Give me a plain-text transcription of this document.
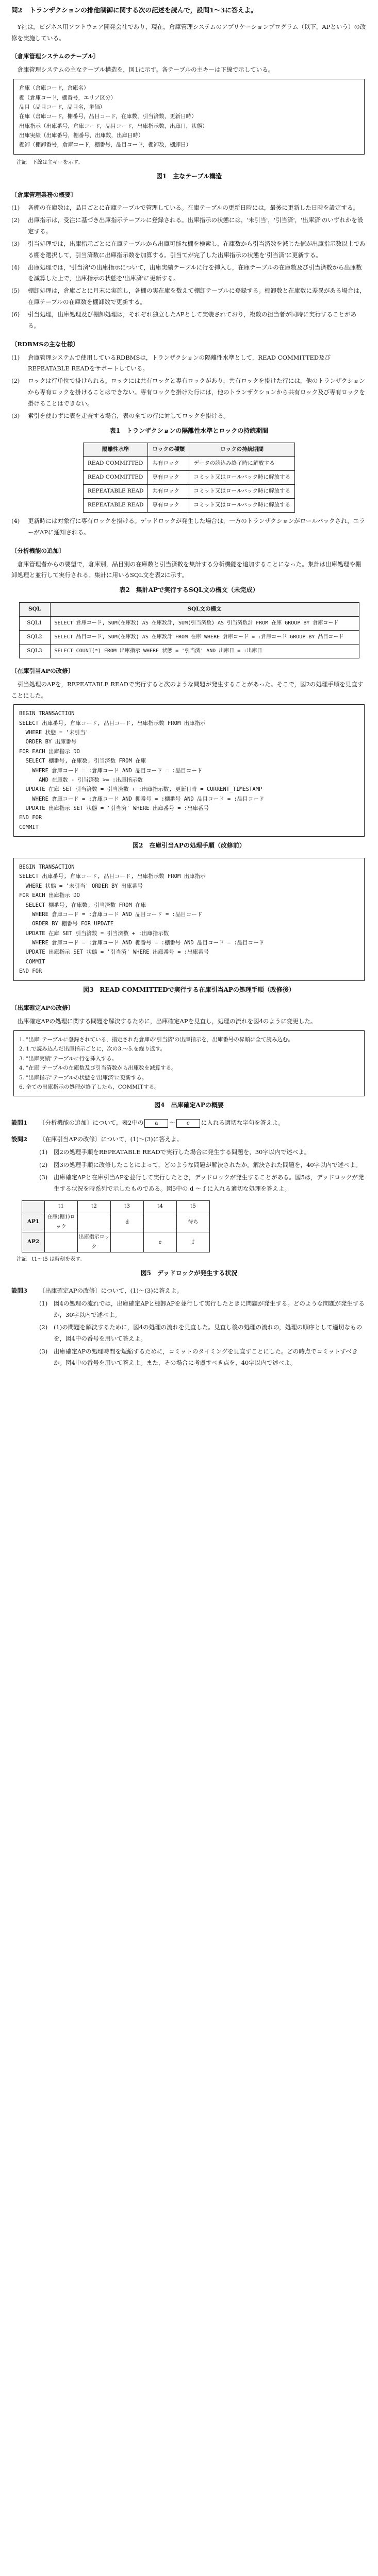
問2 トランザクションの排他制御に関する次の記述を読んで，設問1～3に答えよ。

Y社は，ビジネス用ソフトウェア開発会社であり，現在，倉庫管理システムのアプリケーションプログラム（以下，APという）の改修を実施している。

〔倉庫管理システムのテーブル〕

倉庫管理システムの主なテーブル構造を，図1に示す。各テーブルの主キーは下線で示している。

倉庫（倉庫コード，倉庫名）
棚（倉庫コード，棚番号，エリア区分）
品目（品目コード，品目名，単価）
在庫（倉庫コード，棚番号，品目コード，在庫数，引当済数，更新日時）
出庫指示（出庫番号，倉庫コード，品目コード，出庫指示数，出庫日，状態）
出庫実績（出庫番号，棚番号，出庫数，出庫日時）
棚卸（棚卸番号，倉庫コード，棚番号，品目コード，棚卸数，棚卸日）
注記　下線は主キーを示す。
図1　主なテーブル構造
〔倉庫管理業務の概要〕
(1)	各棚の在庫数は，品目ごとに在庫テーブルで管理している。在庫テーブルの更新日時には，最後に更新した日時を設定する。
(2)	出庫指示は，受注に基づき出庫指示テーブルに登録される。出庫指示の状態には，'未引当'，'引当済'，'出庫済'のいずれかを設定する。
(3)	引当処理では，出庫指示ごとに在庫テーブルから出庫可能な棚を検索し，在庫数から引当済数を減じた値が出庫指示数以上である棚を選択して，引当済数に出庫指示数を加算する。引当てが完了した出庫指示の状態を'引当済'に更新する。
(4)	出庫処理では，'引当済'の出庫指示について，出庫実績テーブルに行を挿入し，在庫テーブルの在庫数及び引当済数から出庫数を減算した上で，出庫指示の状態を'出庫済'に更新する。
(5)	棚卸処理は，倉庫ごとに月末に実施し，各棚の実在庫を数えて棚卸テーブルに登録する。棚卸数と在庫数に差異がある場合は，在庫テーブルの在庫数を棚卸数で更新する。
(6)	引当処理，出庫処理及び棚卸処理は，それぞれ独立したAPとして実装されており，複数の担当者が同時に実行することがある。
〔RDBMSの主な仕様〕
(1)	倉庫管理システムで使用しているRDBMSは，トランザクションの隔離性水準として，READ COMMITTED及びREPEATABLE READをサポートしている。
(2)	ロックは行単位で掛けられる。ロックには共有ロックと専有ロックがあり，共有ロックを掛けた行には，他のトランザクションから専有ロックを掛けることはできない。専有ロックを掛けた行には，他のトランザクションから共有ロック及び専有ロックを掛けることはできない。
(3)	索引を使わずに表を走査する場合，表の全ての行に対してロックを掛ける。
表1　トランザクションの隔離性水準とロックの持続期間
隔離性水準	ロックの種類	ロックの持続期間
READ COMMITTED	共有ロック	データの読込み終了時に解放する
READ COMMITTED	専有ロック	コミット又はロールバック時に解放する
REPEATABLE READ	共有ロック	コミット又はロールバック時に解放する
REPEATABLE READ	専有ロック	コミット又はロールバック時に解放する
(4)	更新時には対象行に専有ロックを掛ける。デッドロックが発生した場合は，一方のトランザクションがロールバックされ，エラーがAPに通知される。
〔分析機能の追加〕

倉庫管理者からの要望で，倉庫別，品目別の在庫数と引当済数を集計する分析機能を追加することになった。集計は出庫処理や棚卸処理と並行して実行される。集計に用いるSQL文を表2に示す。

表2　集計APで実行するSQL文の構文（未完成）
SQL	SQL文の構文
SQL1	SELECT 倉庫コード, SUM(在庫数) AS 在庫数計, SUM(引当済数) AS 引当済数計 FROM 在庫 GROUP BY 倉庫コード
SQL2	SELECT 品目コード, SUM(在庫数) AS 在庫数計 FROM 在庫 WHERE 倉庫コード = :倉庫コード GROUP BY 品目コード
SQL3	SELECT COUNT(*) FROM 出庫指示 WHERE 状態 = '引当済' AND 出庫日 = :出庫日
〔在庫引当APの改修〕

引当処理のAPを，REPEATABLE READで実行すると次のような問題が発生することがあった。そこで，図2の処理手順を見直すことにした。

BEGIN TRANSACTION
SELECT 出庫番号, 倉庫コード, 品目コード, 出庫指示数 FROM 出庫指示
WHERE 状態 = '未引当'
ORDER BY 出庫番号
FOR EACH 出庫指示 DO
SELECT 棚番号, 在庫数, 引当済数 FROM 在庫
WHERE 倉庫コード = :倉庫コード AND 品目コード = :品目コード
AND 在庫数 - 引当済数 >= :出庫指示数
UPDATE 在庫 SET 引当済数 = 引当済数 + :出庫指示数, 更新日時 = CURRENT_TIMESTAMP
WHERE 倉庫コード = :倉庫コード AND 棚番号 = :棚番号 AND 品目コード = :品目コード
UPDATE 出庫指示 SET 状態 = '引当済' WHERE 出庫番号 = :出庫番号
END FOR
COMMIT
図2　在庫引当APの処理手順（改修前）
BEGIN TRANSACTION
SELECT 出庫番号, 倉庫コード, 品目コード, 出庫指示数 FROM 出庫指示
WHERE 状態 = '未引当' ORDER BY 出庫番号
FOR EACH 出庫指示 DO
SELECT 棚番号, 在庫数, 引当済数 FROM 在庫
WHERE 倉庫コード = :倉庫コード AND 品目コード = :品目コード
ORDER BY 棚番号 FOR UPDATE
UPDATE 在庫 SET 引当済数 = 引当済数 + :出庫指示数
WHERE 倉庫コード = :倉庫コード AND 棚番号 = :棚番号 AND 品目コード = :品目コード
UPDATE 出庫指示 SET 状態 = '引当済' WHERE 出庫番号 = :出庫番号
COMMIT
END FOR
図3　READ COMMITTEDで実行する在庫引当APの処理手順（改修後）
〔出庫確定APの改修〕

出庫確定APの処理に関する問題を解決するために，出庫確定APを見直し，処理の流れを図4のように変更した。

1. "出庫"テーブルに登録されている，指定された倉庫の'引当済'の出庫指示を，出庫番号の昇順に全て読み込む。
2. 1.で読み込んだ出庫指示ごとに，次の3.～5.を繰り返す。
3. "出庫実績"テーブルに行を挿入する。
4. "在庫"テーブルの在庫数及び引当済数から出庫数を減算する。
5. "出庫指示"テーブルの状態を'出庫済'に更新する。
6. 全ての出庫指示の処理が終了したら，COMMITする。
図4　出庫確定APの概要
設問1	〔分析機能の追加〕について，表2中の a ～ c に入れる適切な字句を答えよ。
設問2	〔在庫引当APの改修〕について，(1)～(3)に答えよ。
(1)	図2の処理手順をREPEATABLE READで実行した場合に発生する問題を，30字以内で述べよ。
(2)	図3の処理手順に改修したことによって，どのような問題が解決されたか。解決された問題を，40字以内で述べよ。
(3)	出庫確定APと在庫引当APを並行して実行したとき，デッドロックが発生することがある。図5は，デッドロックが発生する状況を時系列で示したものである。図5中の d ～ f に入れる適切な処理を答えよ。
	t1	t2	t3	t4	t5
AP1	在庫(棚1)ロック		d		待ち
AP2		出庫指示ロック		e	f
注記　t1～t5 は時刻を表す。
図5　デッドロックが発生する状況
設問3	〔出庫確定APの改修〕について，(1)～(3)に答えよ。
(1)	図4の処理の流れでは，出庫確定APと棚卸APを並行して実行したときに問題が発生する。どのような問題が発生するか，30字以内で述べよ。
(2)	(1)の問題を解決するために，図4の処理の流れを見直した。見直し後の処理の流れの，処理の順序として適切なものを，図4中の番号を用いて答えよ。
(3)	出庫確定APの処理時間を短縮するために，コミットのタイミングを見直すことにした。どの時点でコミットすべきか。図4中の番号を用いて答えよ。また，その場合に考慮すべき点を，40字以内で述べよ。
